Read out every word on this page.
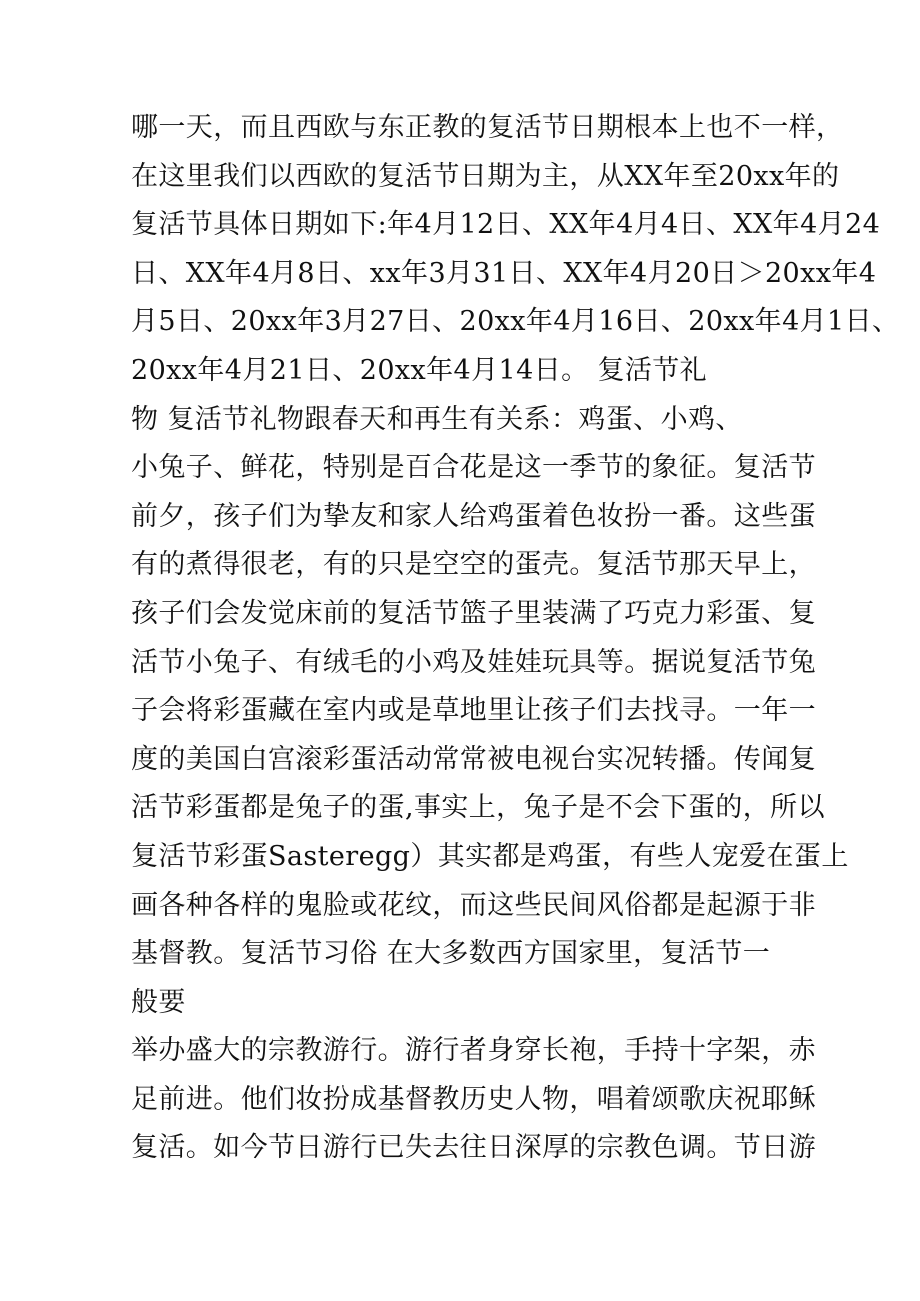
哪一天，而且西欧与东正教的复活节日期根本上也不一样，
在这里我们以西欧的复活节日期为主，从XX年至20xx年的
复活节具体日期如下:年4月12日、XX年4月4日、XX年4月24
日、XX年4月8日、xx年3月31日、XX年4月20日＞20xx年4
月5日、20xx年3月27日、20xx年4月16日、20xx年4月1日、
20xx年4月21日、20xx年4月14日。 复活节礼
物 复活节礼物跟春天和再生有关系：鸡蛋、小鸡、
小兔子、鲜花，特别是百合花是这一季节的象征。复活节
前夕，孩子们为挚友和家人给鸡蛋着色妆扮一番。这些蛋
有的煮得很老，有的只是空空的蛋壳。复活节那天早上，
孩子们会发觉床前的复活节篮子里装满了巧克力彩蛋、复
活节小兔子、有绒毛的小鸡及娃娃玩具等。据说复活节兔
子会将彩蛋藏在室内或是草地里让孩子们去找寻。一年一
度的美国白宫滚彩蛋活动常常被电视台实况转播。传闻复
活节彩蛋都是兔子的蛋,事实上，兔子是不会下蛋的，所以
复活节彩蛋Sasteregg）其实都是鸡蛋，有些人宠爱在蛋上
画各种各样的鬼脸或花纹，而这些民间风俗都是起源于非
基督教。复活节习俗 在大多数西方国家里，复活节一
般要
举办盛大的宗教游行。游行者身穿长袍，手持十字架，赤
足前进。他们妆扮成基督教历史人物，唱着颂歌庆祝耶稣
复活。如今节日游行已失去往日深厚的宗教色调。节日游
